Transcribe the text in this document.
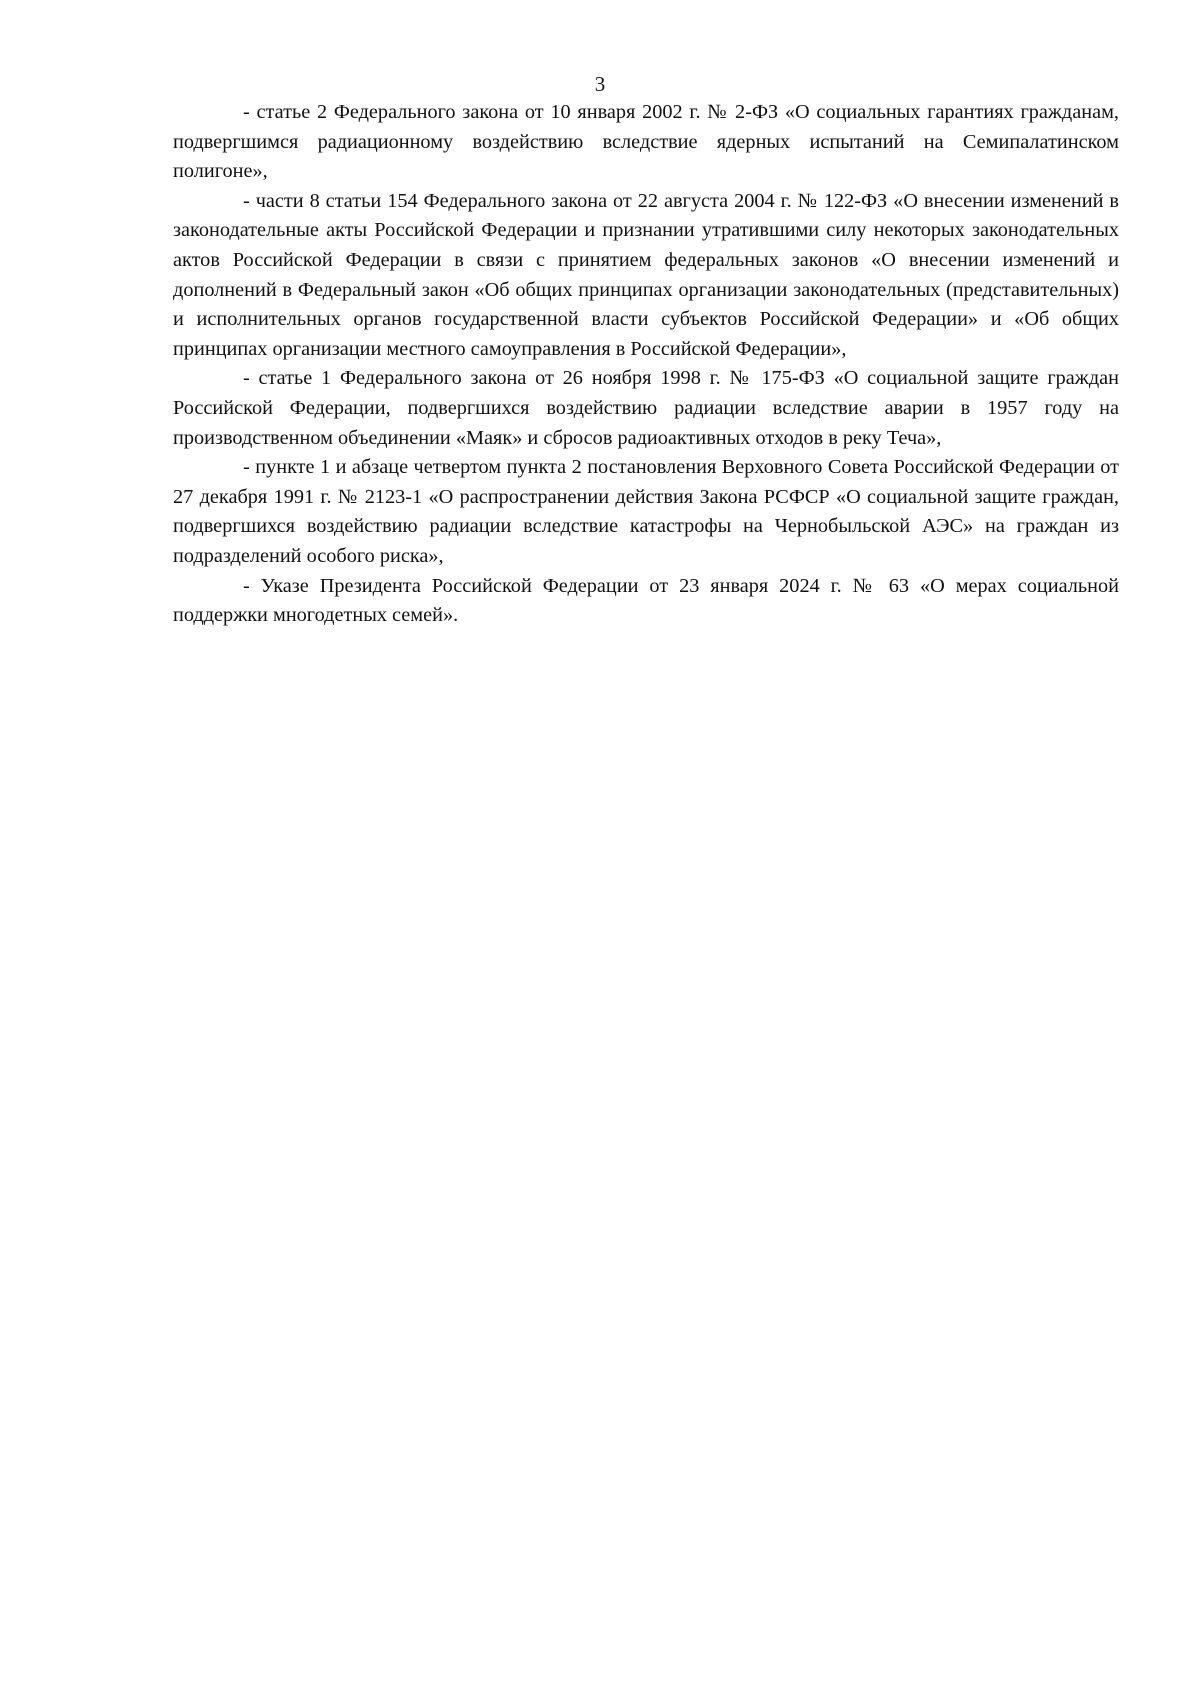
3

- статье 2 Федерального закона от 10 января 2002 г. № 2-ФЗ «О социальных гарантиях гражданам, подвергшимся радиационному воздействию вследствие ядерных испытаний на Семипалатинском полигоне»,

- части 8 статьи 154 Федерального закона от 22 августа 2004 г. № 122-ФЗ «О внесении изменений в законодательные акты Российской Федерации и признании утратившими силу некоторых законодательных актов Российской Федерации в связи с принятием федеральных законов «О внесении изменений и дополнений в Федеральный закон «Об общих принципах организации законодательных (представительных) и исполнительных органов государственной власти субъектов Российской Федерации» и «Об общих принципах организации местного самоуправления в Российской Федерации»,

- статье 1 Федерального закона от 26 ноября 1998 г. № 175-ФЗ «О социальной защите граждан Российской Федерации, подвергшихся воздействию радиации вследствие аварии в 1957 году на производственном объединении «Маяк» и сбросов радиоактивных отходов в реку Теча»,

- пункте 1 и абзаце четвертом пункта 2 постановления Верховного Совета Российской Федерации от 27 декабря 1991 г. № 2123-1 «О распространении действия Закона РСФСР «О социальной защите граждан, подвергшихся воздействию радиации вследствие катастрофы на Чернобыльской АЭС» на граждан из подразделений особого риска»,

- Указе Президента Российской Федерации от 23 января 2024 г. № 63 «О мерах социальной поддержки многодетных семей».
